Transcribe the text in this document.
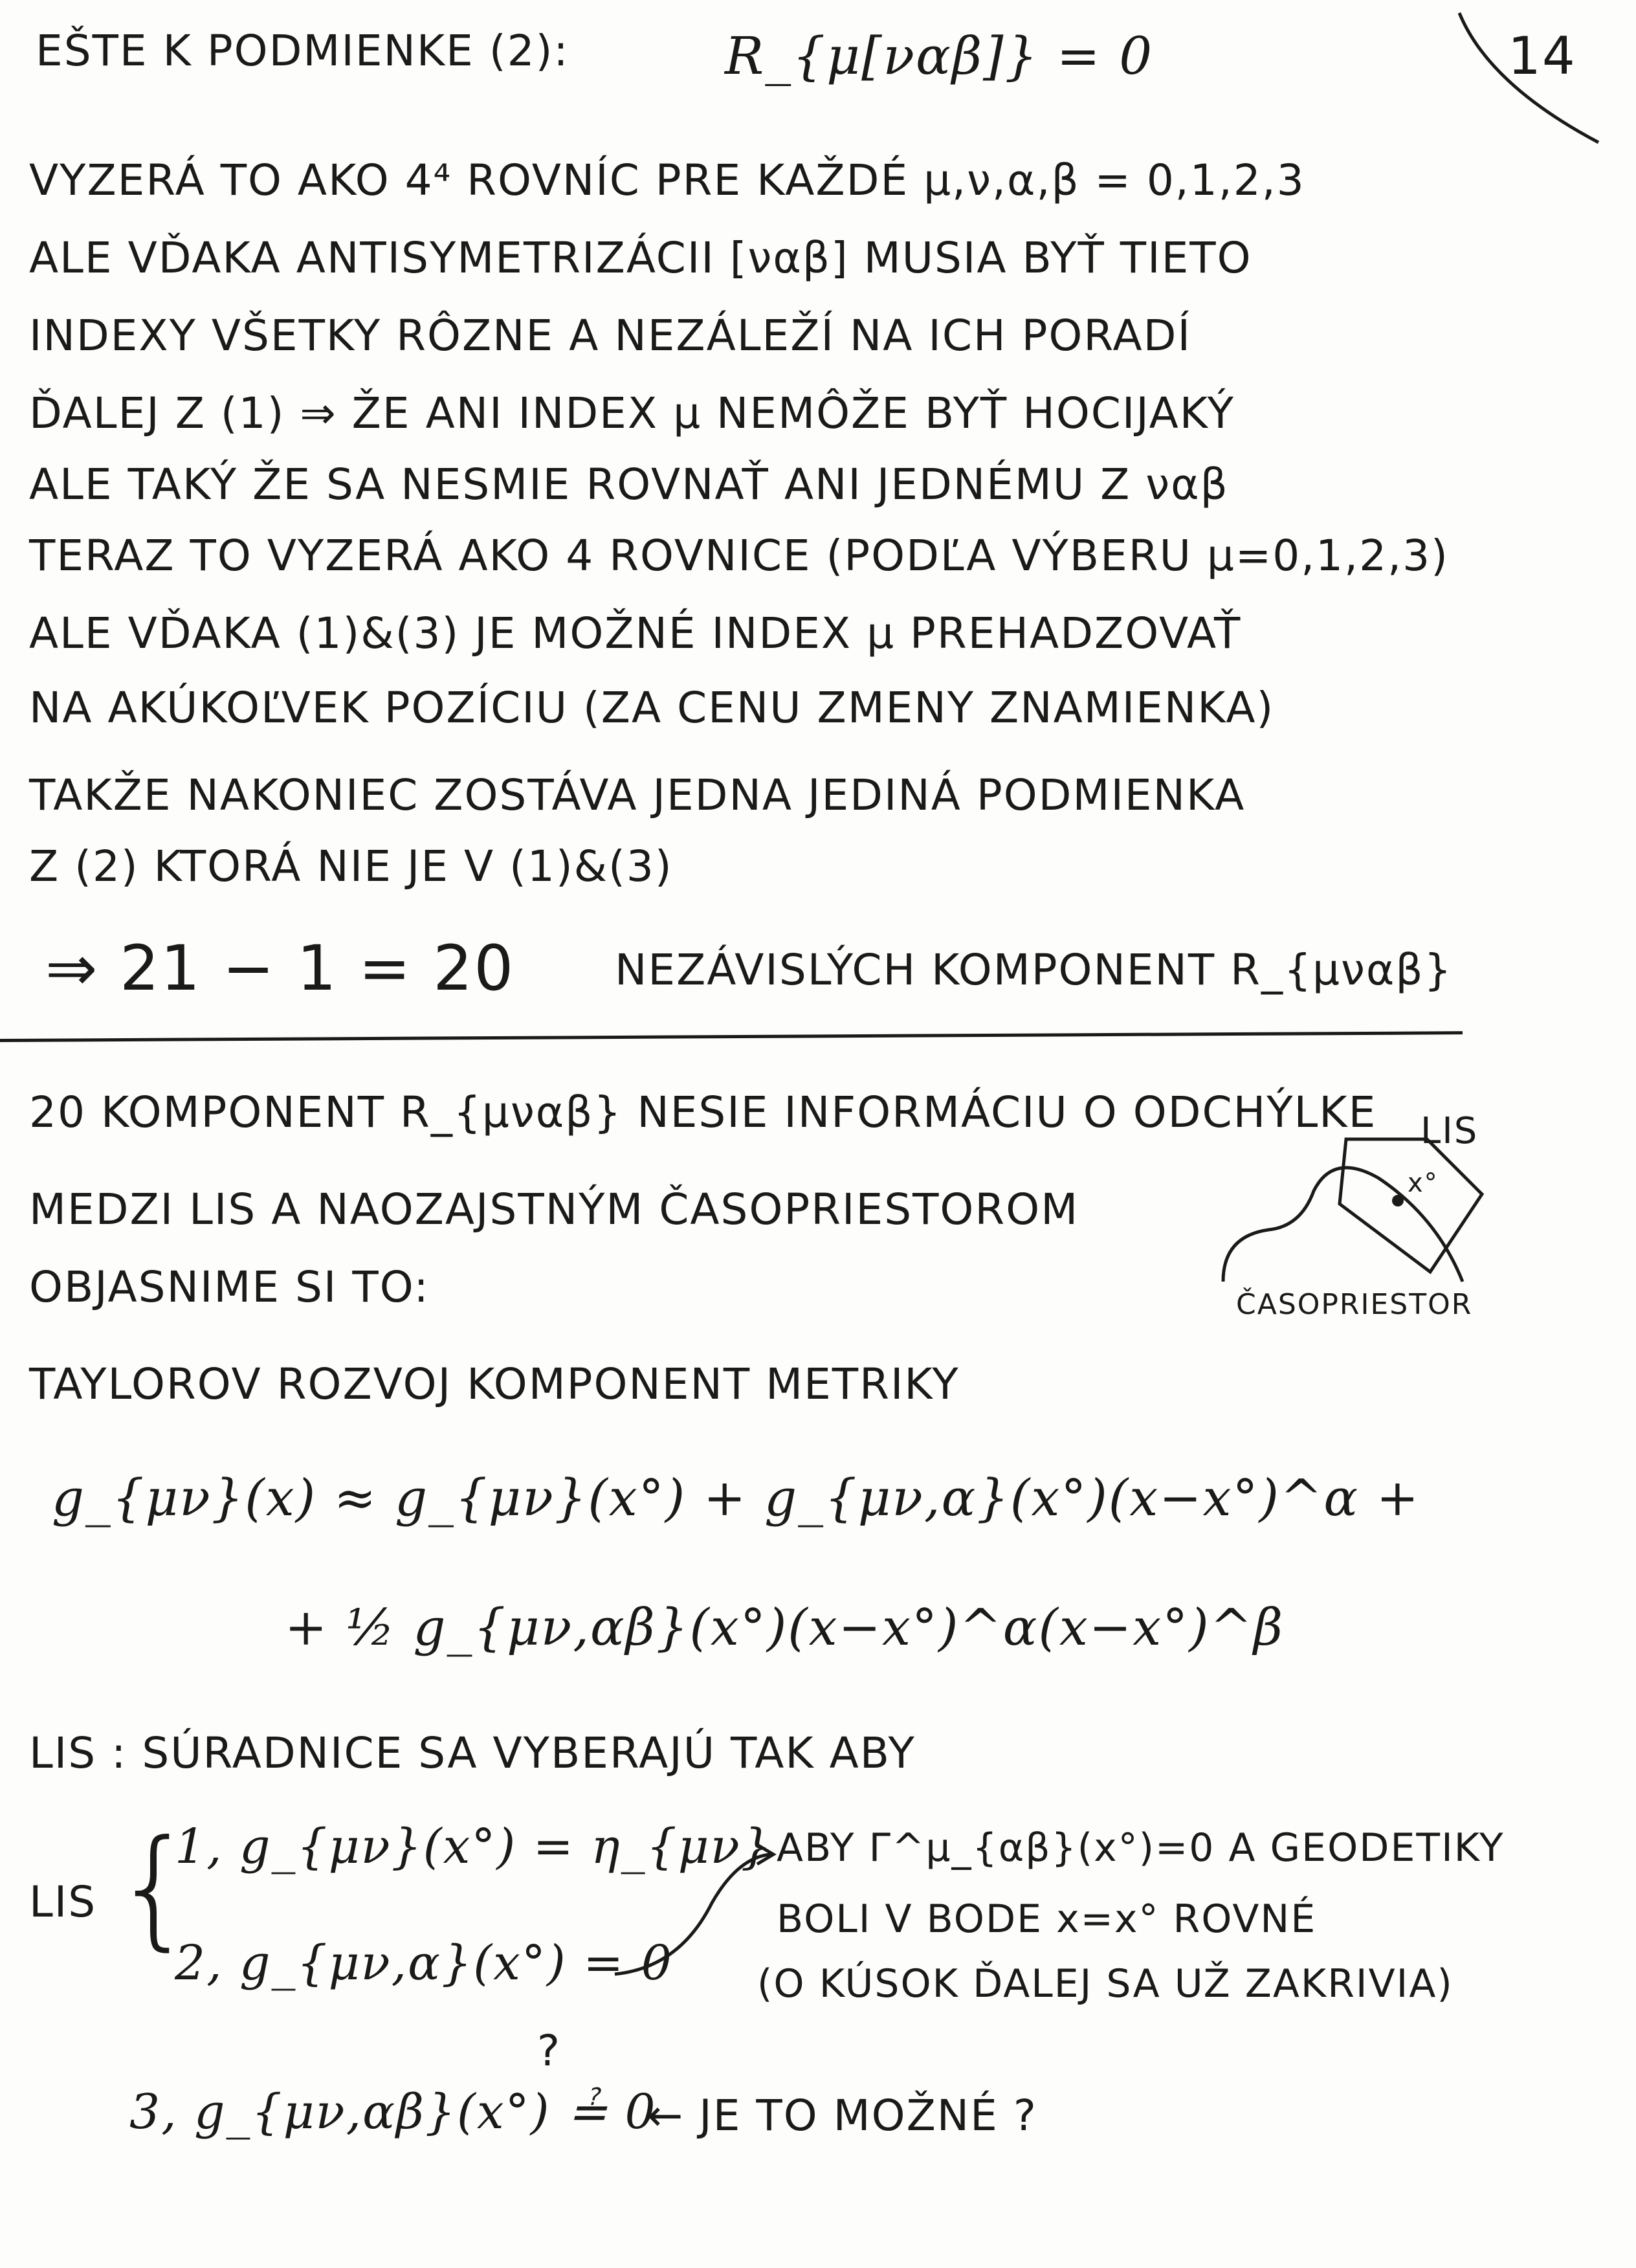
14
EŠTE K PODMIENKE (2):	R_{μ[ναβ]} = 0
VYZERÁ TO AKO 4⁴ ROVNÍC PRE KAŽDÉ μ,ν,α,β = 0,1,2,3
ALE VĎAKA ANTISYMETRIZÁCII [ναβ] MUSIA BYŤ TIETO
INDEXY VŠETKY RÔZNE A NEZÁLEŽÍ NA ICH PORADÍ
ĎALEJ Z (1) ⇒ ŽE ANI INDEX μ NEMÔŽE BYŤ HOCIJAKÝ
ALE TAKÝ ŽE SA NESMIE ROVNAŤ ANI JEDNÉMU Z ναβ
TERAZ TO VYZERÁ AKO 4 ROVNICE (PODĽA VÝBERU μ=0,1,2,3)
ALE VĎAKA (1)&(3) JE MOŽNÉ INDEX μ PREHADZOVAŤ
NA AKÚKOĽVEK POZÍCIU (ZA CENU ZMENY ZNAMIENKA)
TAKŽE NAKONIEC ZOSTÁVA JEDNA JEDINÁ PODMIENKA
Z (2) KTORÁ NIE JE V (1)&(3)
⇒ 21 − 1 = 20 NEZÁVISLÝCH KOMPONENT R_{μναβ}
20 KOMPONENT R_{μναβ} NESIE INFORMÁCIU O ODCHÝLKE
MEDZI LIS A NAOZAJSTNÝM ČASOPRIESTOROM
OBJASNIME SI TO:
TAYLOROV ROZVOJ KOMPONENT METRIKY
g_{μν}(x) ≈ g_{μν}(x°) + g_{μν,α}(x°)(x−x°)^α +
+ ½ g_{μν,αβ}(x°)(x−x°)^α(x−x°)^β
LIS : SÚRADNICE SA VYBERAJÚ TAK ABY
LIS {
1, g_{μν}(x°) = η_{μν}
2, g_{μν,α}(x°) = 0
ABY Γ^μ_{αβ}(x°)=0 A GEODETIKY
BOLI V BODE x=x° ROVNÉ
(O KÚSOK ĎALEJ SA UŽ ZAKRIVIA)
?
3, g_{μν,αβ}(x°) ≟ 0
← JE TO MOŽNÉ ?
LIS
x°
ČASOPRIESTOR
